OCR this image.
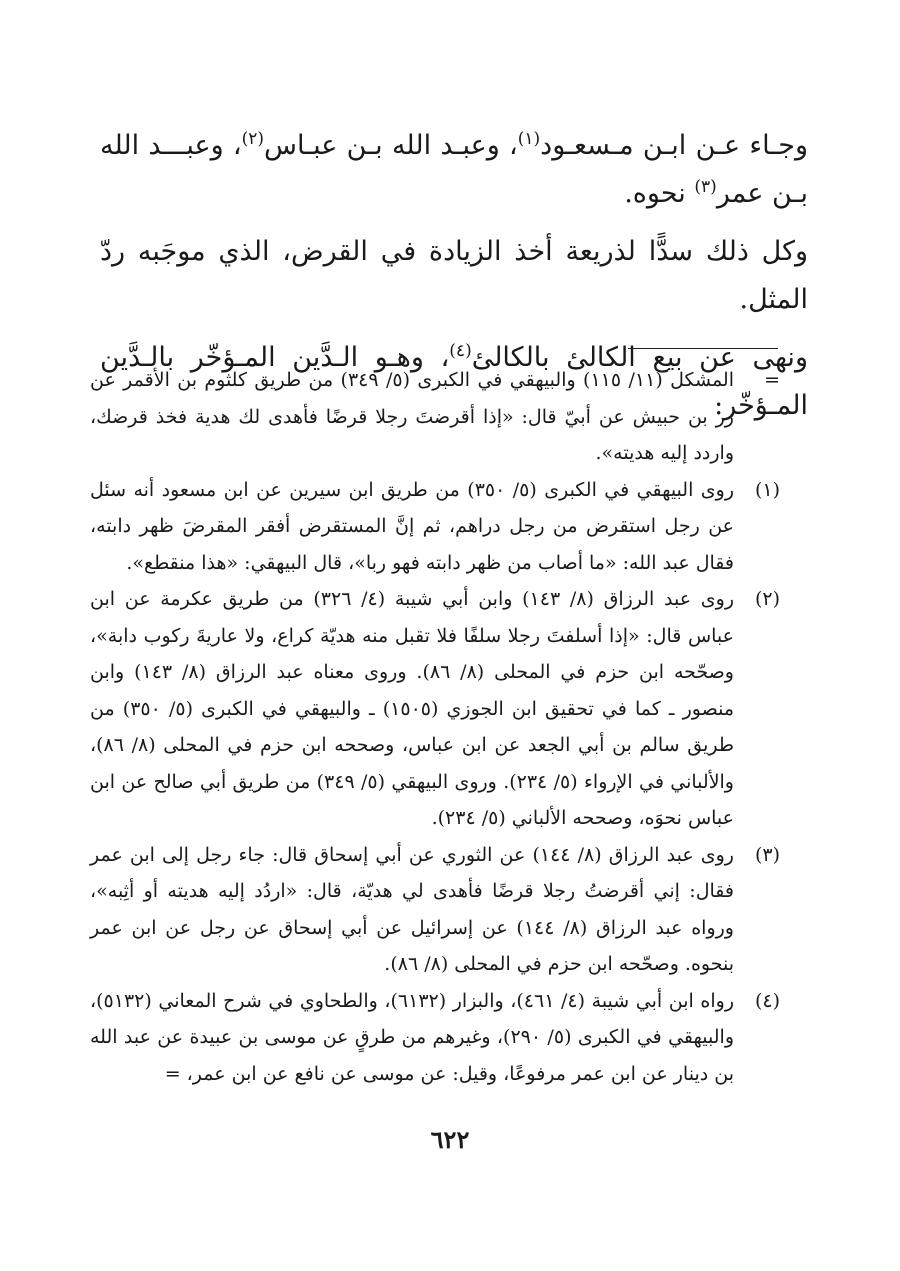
وجـاء عـن ابـن مـسعـود$^{(١)}$، وعبـد الله بـن عبـاس$^{(٢)}$، وعبـــد الله بـن عمر$^{(٣)}$ نحوه.

وكل ذلك سدًّا لذريعة أخذ الزيادة في القرض، الذي موجَبه ردّ المثل.

ونهى عن بيع الكالئ بالكالئ$^{(٤)}$، وهـو الـدَّين المـؤخّر بالـدَّين المـؤخّر:

=
المشكل (١١/ ١١٥) والبيهقي في الكبرى (٥/ ٣٤٩) من طريق كلثوم بن الأقمر عن زر بن حبيش عن أبيّ قال: «إذا أقرضتَ رجلا قرضًا فأهدى لك هدية فخذ قرضك، واردد إليه هديته».
(١)
روى البيهقي في الكبرى (٥/ ٣٥٠) من طريق ابن سيرين عن ابن مسعود أنه سئل عن رجل استقرض من رجل دراهم، ثم إنَّ المستقرض أفقر المقرضَ ظهر دابته، فقال عبد الله: «ما أصاب من ظهر دابته فهو ربا»، قال البيهقي: «هذا منقطع».
(٢)
روى عبد الرزاق (٨/ ١٤٣) وابن أبي شيبة (٤/ ٣٢٦) من طريق عكرمة عن ابن عباس قال: «إذا أسلفتَ رجلا سلفًا فلا تقبل منه هديّة كراع، ولا عاريةَ ركوب دابة»، وصحّحه ابن حزم في المحلى (٨/ ٨٦). وروى معناه عبد الرزاق (٨/ ١٤٣) وابن منصور ـ كما في تحقيق ابن الجوزي (١٥٠٥) ـ والبيهقي في الكبرى (٥/ ٣٥٠) من طريق سالم بن أبي الجعد عن ابن عباس، وصححه ابن حزم في المحلى (٨/ ٨٦)، والألباني في الإرواء (٥/ ٢٣٤). وروى البيهقي (٥/ ٣٤٩) من طريق أبي صالح عن ابن عباس نحوَه، وصححه الألباني (٥/ ٢٣٤).
(٣)
روى عبد الرزاق (٨/ ١٤٤) عن الثوري عن أبي إسحاق قال: جاء رجل إلى ابن عمر فقال: إني أقرضتُ رجلا قرضًا فأهدى لي هديّة، قال: «اردُد إليه هديته أو أثِبه»، ورواه عبد الرزاق (٨/ ١٤٤) عن إسرائيل عن أبي إسحاق عن رجل عن ابن عمر بنحوه. وصحّحه ابن حزم في المحلى (٨/ ٨٦).
(٤)
رواه ابن أبي شيبة (٤/ ٤٦١)، والبزار (٦١٣٢)، والطحاوي في شرح المعاني (٥١٣٢)، والبيهقي في الكبرى (٥/ ٢٩٠)، وغيرهم من طرقٍ عن موسى بن عبيدة عن عبد الله بن دينار عن ابن عمر مرفوعًا، وقيل: عن موسى عن نافع عن ابن عمر، =
٦٢٢
